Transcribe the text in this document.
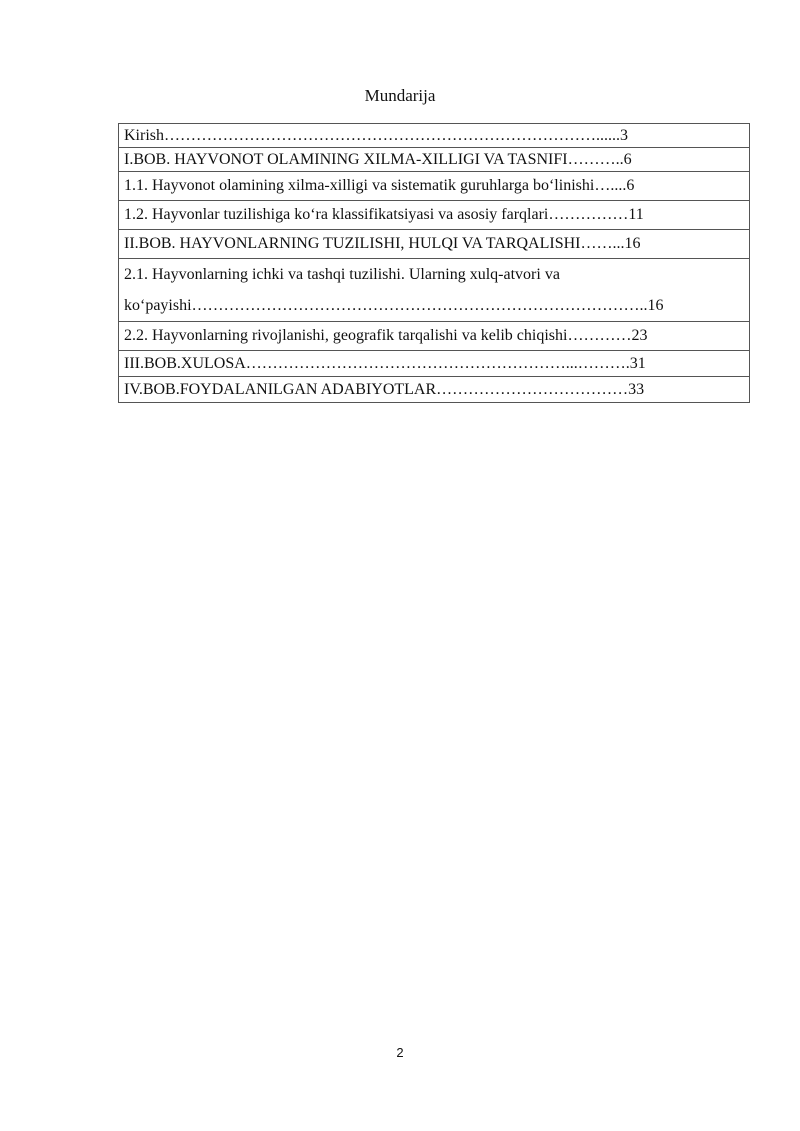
Mundarija
Kirish………………………………………………………………………......3
I.BOB. HAYVONOT OLAMINING XILMA-XILLIGI VA TASNIFI………..6
1.1. Hayvonot olamining xilma-xilligi va sistematik guruhlarga bo‘linishi…....6
1.2. Hayvonlar tuzilishiga ko‘ra klassifikatsiyasi va asosiy farqlari……………11
II.BOB. HAYVONLARNING TUZILISHI, HULQI VA TARQALISHI……...16

2.1. Hayvonlarning ichki va tashqi tuzilishi. Ularning xulq-atvori va
ko‘payishi…………………………………………………………………………..16

2.2. Hayvonlarning rivojlanishi, geografik tarqalishi va kelib chiqishi…………23
III.BOB.XULOSA……………………………………………………...……….31
IV.BOB.FOYDALANILGAN ADABIYOTLAR………………………………33
2
